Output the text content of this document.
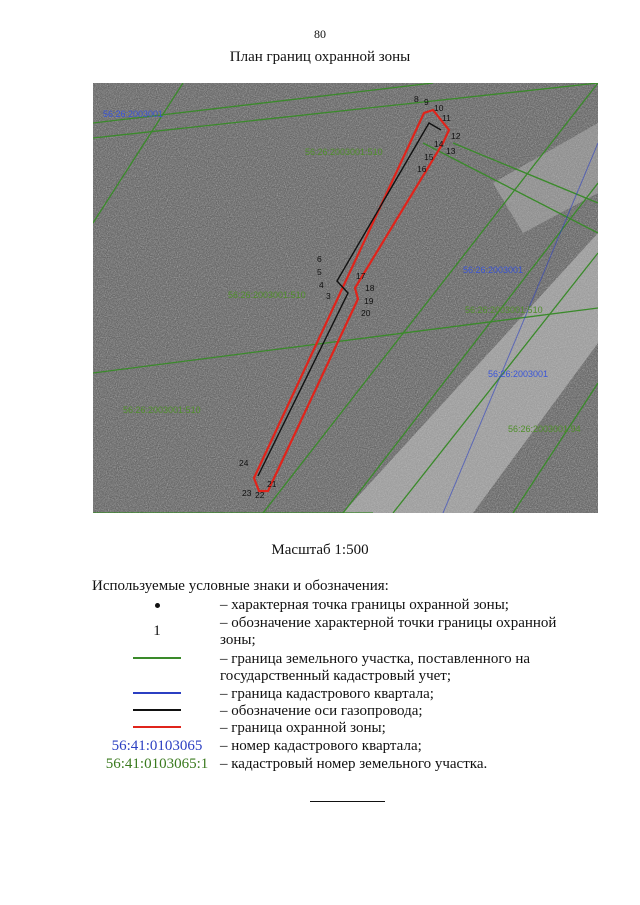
80
План границ охранной зоны
56:26:2003001
56:26:2003001
56:26:2003001
56:26:2003001:510
56:26:2003001:510
56:26:2003001:510
56:26:2003001:510
56:26:2003001:94
3
4
5
6
8 9
10
11
12
13
14
15
16
17
18
19
20
21
22
23
24
Масштаб 1:500
Используемые условные знаки и обозначения:
– характерная точка границы охранной зоны;
1	– обозначение характерной точки границы охранной зоны;
– граница земельного участка, поставленного на государственный кадастровый учет;
– граница кадастрового квартала;
– обозначение оси газопровода;
– граница охранной зоны;
56:41:0103065	– номер кадастрового квартала;
56:41:0103065:1 – кадастровый номер земельного участка.
